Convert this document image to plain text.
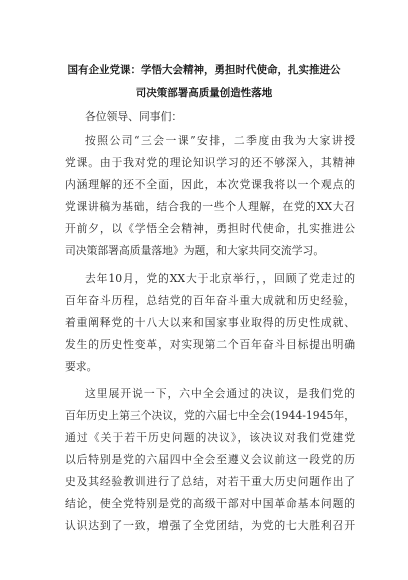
国有企业党课：学悟大会精神，勇担时代使命，扎实推进公
司决策部署高质量创造性落地
各位领导、同事们：
按照公司“三会一课”安排，二季度由我为大家讲授
党课。由于我对党的理论知识学习的还不够深入，其精神
内涵理解的还不全面，因此，本次党课我将以一个观点的
党课讲稿为基础，结合我的一些个人理解，在党的XX大召
开前夕，以《学悟全会精神，勇担时代使命，扎实推进公
司决策部署高质量落地》为题，和大家共同交流学习。
去年10月，党的XX大于北京举行，，回顾了党走过的
百年奋斗历程，总结党的百年奋斗重大成就和历史经验，
着重阐释党的十八大以来和国家事业取得的历史性成就、
发生的历史性变革，对实现第二个百年奋斗目标提出明确
要求。
这里展开说一下，六中全会通过的决议，是我们党的
百年历史上第三个决议，党的六届七中全会(1944-1945年，
通过《关于若干历史问题的决议》，该决议对我们党建党
以后特别是党的六届四中全会至遵义会议前这一段党的历
史及其经验教训进行了总结，对若干重大历史问题作出了
结论，使全党特别是党的高级干部对中国革命基本问题的
认识达到了一致，增强了全党团结，为党的七大胜利召开
